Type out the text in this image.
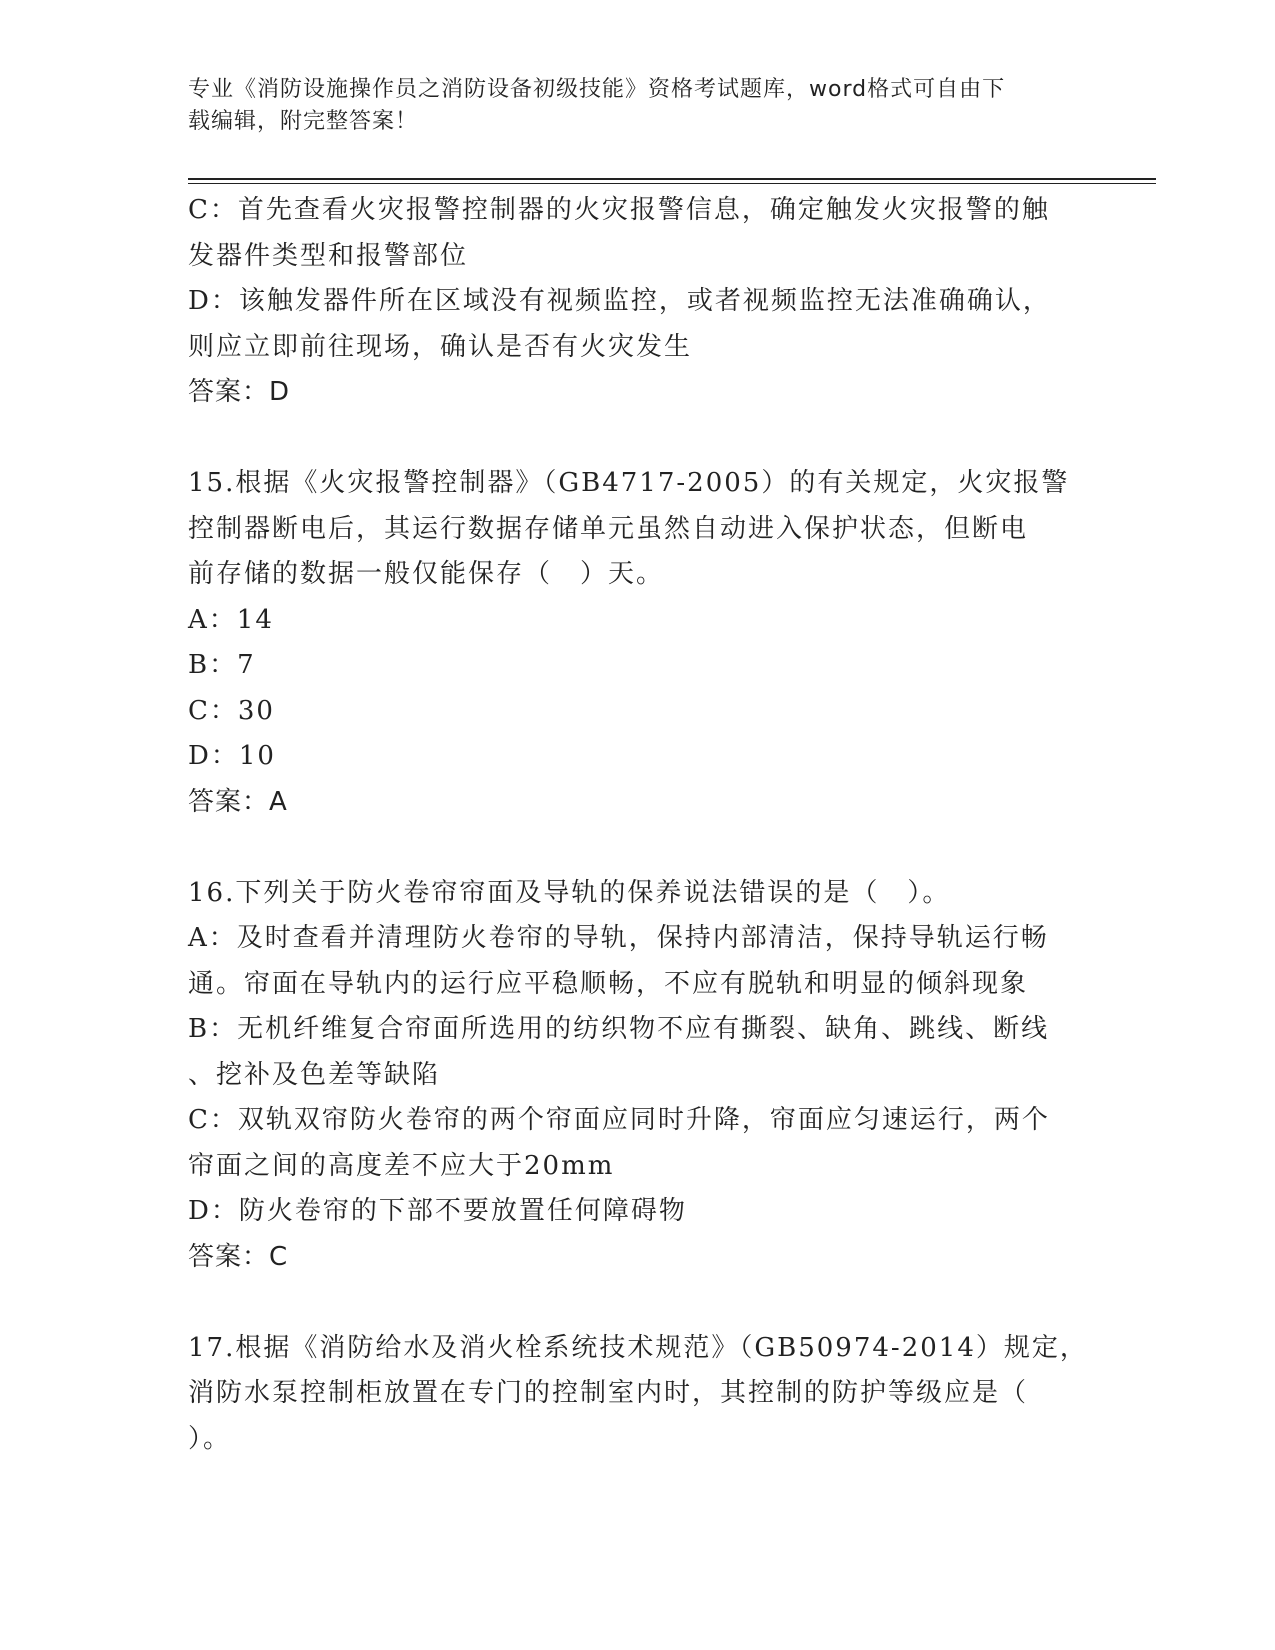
专业《消防设施操作员之消防设备初级技能》资格考试题库，word格式可自由下
载编辑，附完整答案！
C：首先查看火灾报警控制器的火灾报警信息，确定触发火灾报警的触
发器件类型和报警部位
D：该触发器件所在区域没有视频监控，或者视频监控无法准确确认，
则应立即前往现场，确认是否有火灾发生
答案：D
15.根据《火灾报警控制器》（GB4717-2005）的有关规定，火灾报警
控制器断电后，其运行数据存储单元虽然自动进入保护状态，但断电
前存储的数据一般仅能保存（　）天。
A：14
B：7
C：30
D：10
答案：A
16.下列关于防火卷帘帘面及导轨的保养说法错误的是（　）。
A：及时查看并清理防火卷帘的导轨，保持内部清洁，保持导轨运行畅
通。帘面在导轨内的运行应平稳顺畅，不应有脱轨和明显的倾斜现象
B：无机纤维复合帘面所选用的纺织物不应有撕裂、缺角、跳线、断线
、挖补及色差等缺陷
C：双轨双帘防火卷帘的两个帘面应同时升降，帘面应匀速运行，两个
帘面之间的高度差不应大于20mm
D：防火卷帘的下部不要放置任何障碍物
答案：C
17.根据《消防给水及消火栓系统技术规范》（GB50974-2014）规定，
消防水泵控制柜放置在专门的控制室内时，其控制的防护等级应是（
）。
